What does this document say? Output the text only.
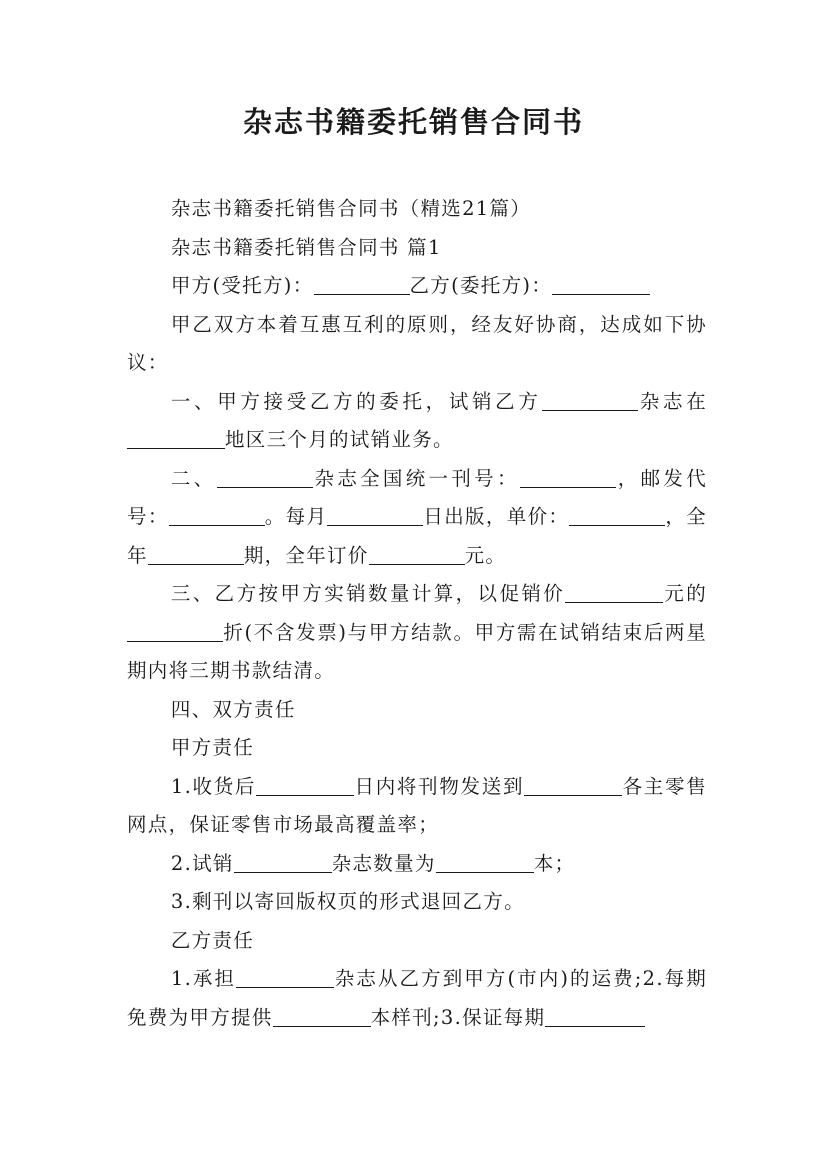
杂志书籍委托销售合同书

杂志书籍委托销售合同书（精选21篇）

杂志书籍委托销售合同书 篇1

甲方(受托方)：	乙方(委托方)：

甲乙双方本着互惠互利的原则，经友好协商，达成如下协议：

一、甲方接受乙方的委托，试销乙方	杂志在地区三个月的试销业务。

二、	杂志全国统一刊号：	，邮发代号：	。每月	日出版，单价：	，全年	期，全年订价	元。

三、乙方按甲方实销数量计算，以促销价	元的折(不含发票)与甲方结款。甲方需在试销结束后两星期内将三期书款结清。

四、双方责任

甲方责任

1.收货后	日内将刊物发送到	各主零售网点，保证零售市场最高覆盖率；

2.试销	杂志数量为	本；

3.剩刊以寄回版权页的形式退回乙方。

乙方责任

1.承担	杂志从乙方到甲方(市内)的运费;2.每期免费为甲方提供	本样刊;3.保证每期
